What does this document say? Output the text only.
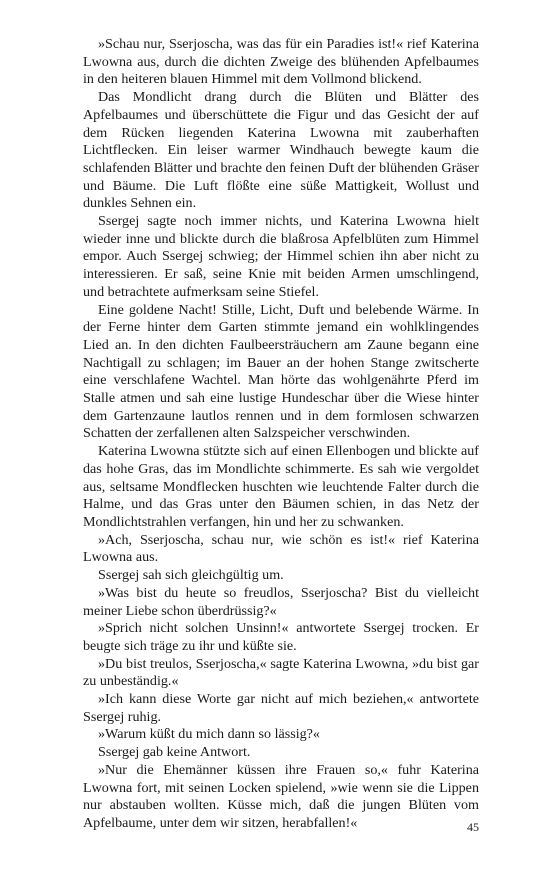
»Schau nur, Sserjoscha, was das für ein Paradies ist!« rief Katerina Lwowna aus, durch die dichten Zweige des blühenden Apfelbaumes in den heiteren blauen Himmel mit dem Vollmond blickend.

Das Mondlicht drang durch die Blüten und Blätter des Apfelbaumes und überschüttete die Figur und das Gesicht der auf dem Rücken liegenden Katerina Lwowna mit zauberhaften Lichtflecken. Ein leiser warmer Windhauch bewegte kaum die schlafenden Blätter und brachte den feinen Duft der blühenden Gräser und Bäume. Die Luft flößte eine süße Mattigkeit, Wollust und dunkles Sehnen ein.

Ssergej sagte noch immer nichts, und Katerina Lwowna hielt wieder inne und blickte durch die blaßrosa Apfelblüten zum Himmel empor. Auch Ssergej schwieg; der Himmel schien ihn aber nicht zu interessieren. Er saß, seine Knie mit beiden Armen umschlingend, und betrachtete aufmerksam seine Stiefel.

Eine goldene Nacht! Stille, Licht, Duft und belebende Wärme. In der Ferne hinter dem Garten stimmte jemand ein wohlklingendes Lied an. In den dichten Faulbeersträuchern am Zaune begann eine Nachtigall zu schlagen; im Bauer an der hohen Stange zwitscherte eine verschlafene Wachtel. Man hörte das wohlgenährte Pferd im Stalle atmen und sah eine lustige Hundeschar über die Wiese hinter dem Gartenzaune lautlos rennen und in dem formlosen schwarzen Schatten der zerfallenen alten Salzspeicher verschwinden.

Katerina Lwowna stützte sich auf einen Ellenbogen und blickte auf das hohe Gras, das im Mondlichte schimmerte. Es sah wie vergoldet aus, seltsame Mondflecken huschten wie leuchtende Falter durch die Halme, und das Gras unter den Bäumen schien, in das Netz der Mondlichtstrahlen verfangen, hin und her zu schwanken.

»Ach, Sserjoscha, schau nur, wie schön es ist!« rief Katerina Lwowna aus.

Ssergej sah sich gleichgültig um.

»Was bist du heute so freudlos, Sserjoscha? Bist du vielleicht meiner Liebe schon überdrüssig?«

»Sprich nicht solchen Unsinn!« antwortete Ssergej trocken. Er beugte sich träge zu ihr und küßte sie.

»Du bist treulos, Sserjoscha,« sagte Katerina Lwowna, »du bist gar zu unbeständig.«

»Ich kann diese Worte gar nicht auf mich beziehen,« antwortete Ssergej ruhig.

»Warum küßt du mich dann so lässig?«

Ssergej gab keine Antwort.

»Nur die Ehemänner küssen ihre Frauen so,« fuhr Katerina Lwowna fort, mit seinen Locken spielend, »wie wenn sie die Lippen nur abstauben wollten. Küsse mich, daß die jungen Blüten vom Apfelbaume, unter dem wir sitzen, herabfallen!«	45
